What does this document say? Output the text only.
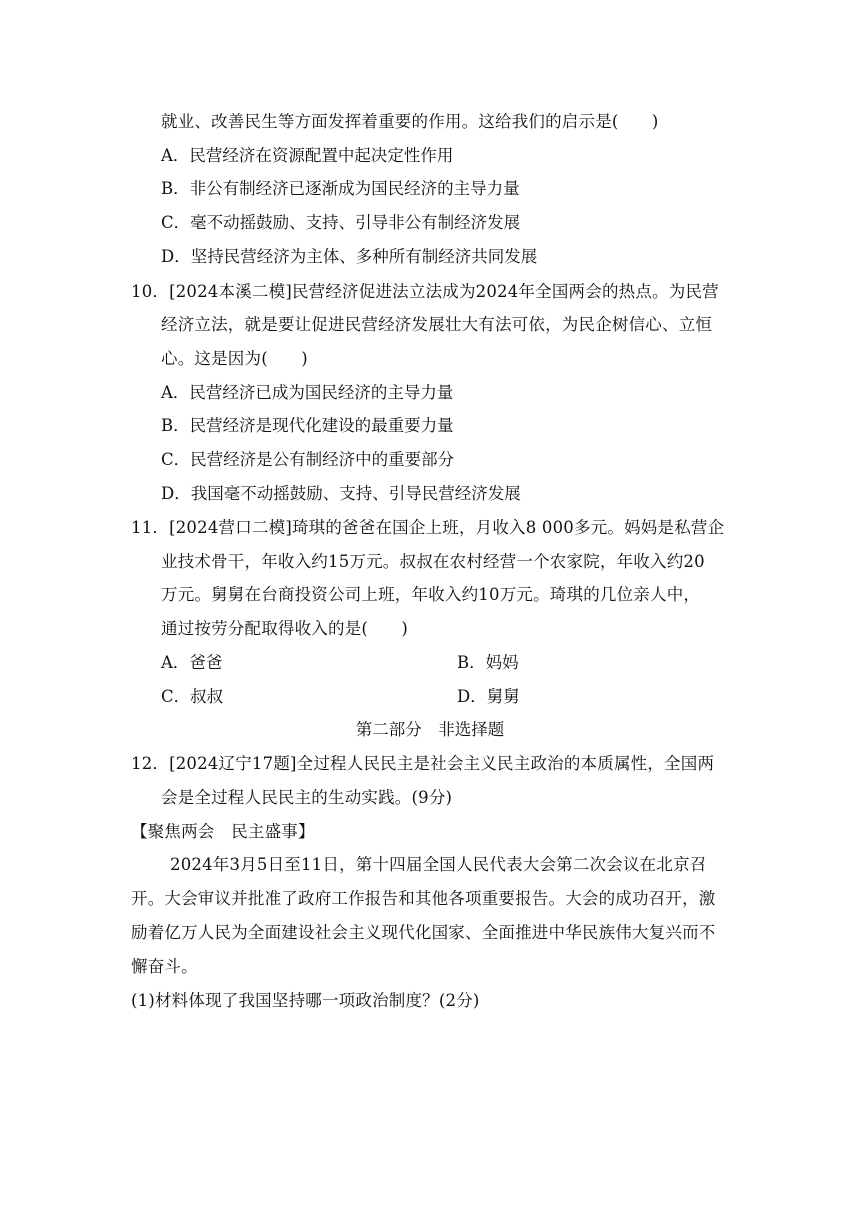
就业、改善民生等方面发挥着重要的作用。这给我们的启示是(　　)
A．民营经济在资源配置中起决定性作用
B．非公有制经济已逐渐成为国民经济的主导力量
C．毫不动摇鼓励、支持、引导非公有制经济发展
D．坚持民营经济为主体、多种所有制经济共同发展
10．[2024本溪二模]民营经济促进法立法成为2024年全国两会的热点。为民营
经济立法，就是要让促进民营经济发展壮大有法可依，为民企树信心、立恒
心。这是因为(　　)
A．民营经济已成为国民经济的主导力量
B．民营经济是现代化建设的最重要力量
C．民营经济是公有制经济中的重要部分
D．我国毫不动摇鼓励、支持、引导民营经济发展
11．[2024营口二模]琦琪的爸爸在国企上班，月收入8 000多元。妈妈是私营企
业技术骨干，年收入约15万元。叔叔在农村经营一个农家院，年收入约20
万元。舅舅在台商投资公司上班，年收入约10万元。琦琪的几位亲人中，
通过按劳分配取得收入的是(　　)
A．爸爸	B．妈妈
C．叔叔	D．舅舅
第二部分　非选择题
12．[2024辽宁17题]全过程人民民主是社会主义民主政治的本质属性，全国两
会是全过程人民民主的生动实践。(9分)
【聚焦两会　民主盛事】
2024年3月5日至11日，第十四届全国人民代表大会第二次会议在北京召
开。大会审议并批准了政府工作报告和其他各项重要报告。大会的成功召开，激
励着亿万人民为全面建设社会主义现代化国家、全面推进中华民族伟大复兴而不
懈奋斗。
(1)材料体现了我国坚持哪一项政治制度？(2分)
